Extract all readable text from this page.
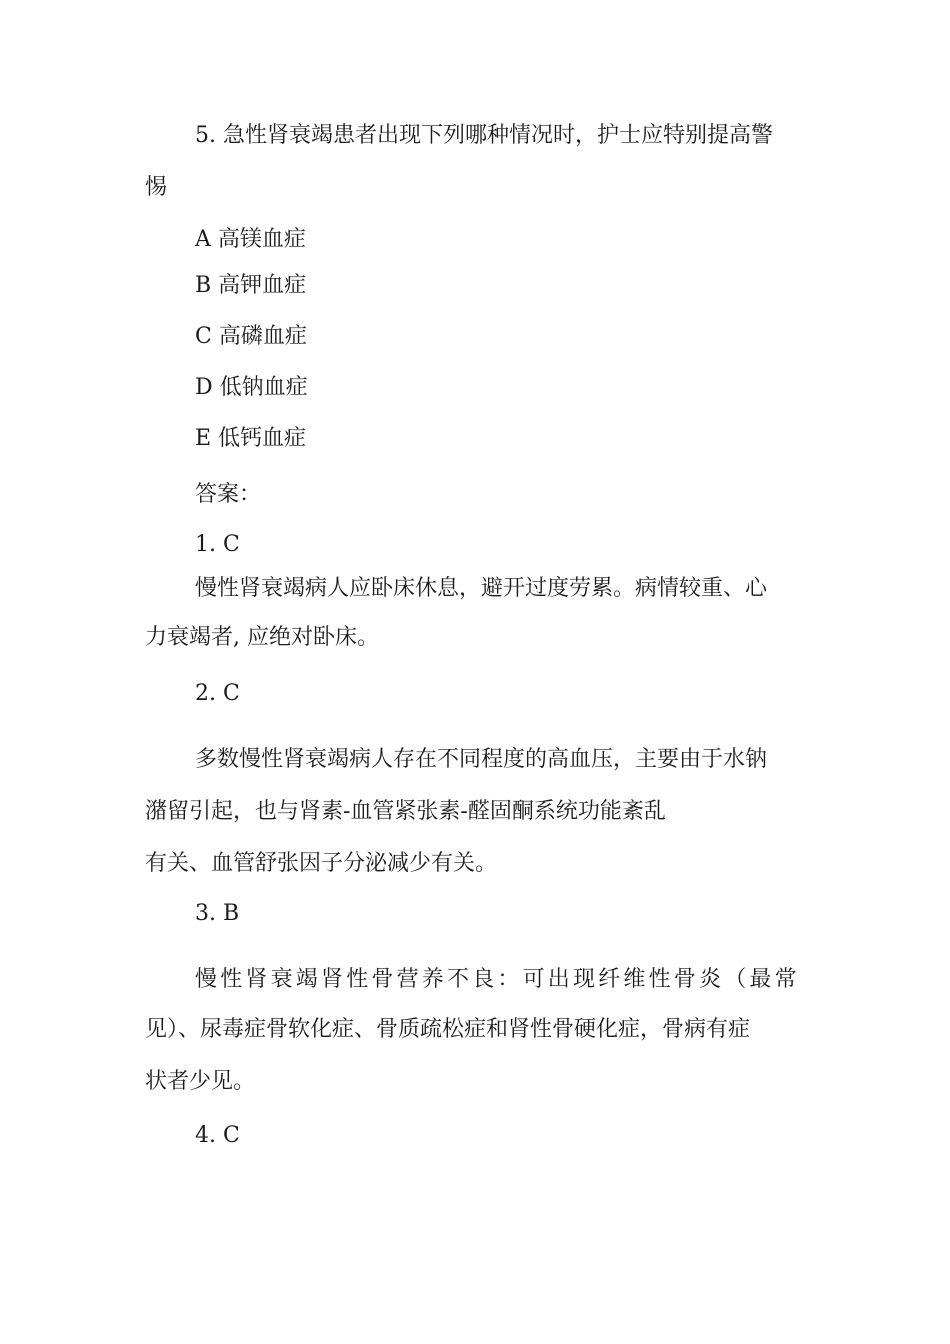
5. 急性肾衰竭患者出现下列哪种情况时，护士应特别提高警
惕
A 高镁血症
B 高钾血症
C 高磷血症
D 低钠血症
E 低钙血症
答案：
1. C
慢性肾衰竭病人应卧床休息，避开过度劳累。病情较重、心
力衰竭者, 应绝对卧床。
2. C
多数慢性肾衰竭病人存在不同程度的高血压，主要由于水钠
潴留引起，也与肾素-血管紧张素-醛固酮系统功能紊乱
有关、血管舒张因子分泌减少有关。
3. B
慢性肾衰竭肾性骨营养不良：可出现纤维性骨炎（最常
见）、尿毒症骨软化症、骨质疏松症和肾性骨硬化症，骨病有症
状者少见。
4. C
